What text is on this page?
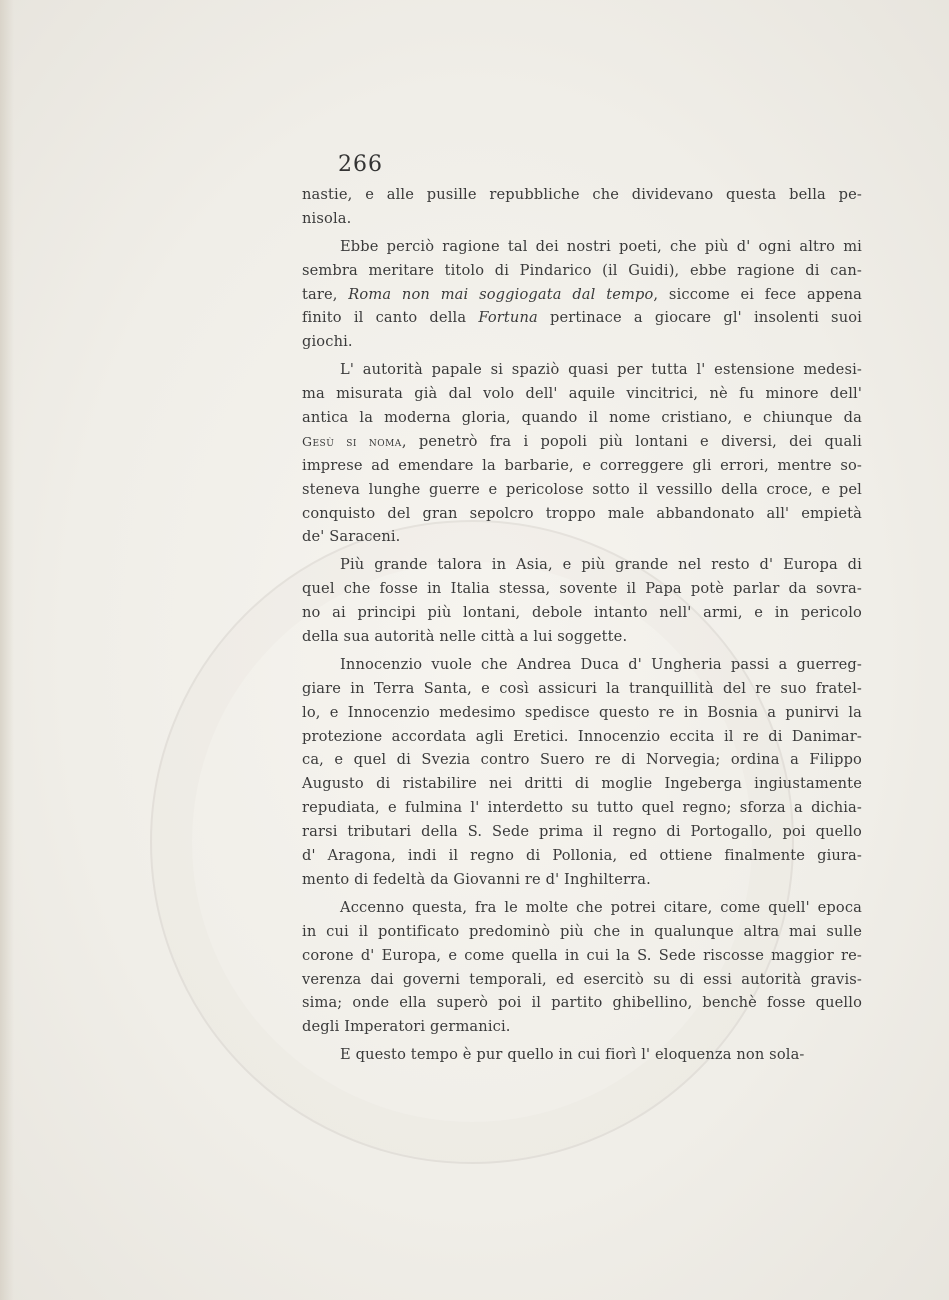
266
nastie, e alle pusille repubbliche che dividevano questa bella pe-
nisola.
Ebbe perciò ragione tal dei nostri poeti, che più d' ogni altro mi
sembra meritare titolo di Pindarico (il Guidi), ebbe ragione di can-
tare, Roma non mai soggiogata dal tempo, siccome ei fece appena
finito il canto della Fortuna pertinace a giocare gl' insolenti suoi
giochi.
L' autorità papale si spaziò quasi per tutta l' estensione medesi-
ma misurata già dal volo dell' aquile vincitrici, nè fu minore dell'
antica la moderna gloria, quando il nome cristiano, e chiunque da
Gesù si noma, penetrò fra i popoli più lontani e diversi, dei quali
imprese ad emendare la barbarie, e correggere gli errori, mentre so-
steneva lunghe guerre e pericolose sotto il vessillo della croce, e pel
conquisto del gran sepolcro troppo male abbandonato all' empietà
de' Saraceni.
Più grande talora in Asia, e più grande nel resto d' Europa di
quel che fosse in Italia stessa, sovente il Papa potè parlar da sovra-
no ai principi più lontani, debole intanto nell' armi, e in pericolo
della sua autorità nelle città a lui soggette.
Innocenzio vuole che Andrea Duca d' Ungheria passi a guerreg-
giare in Terra Santa, e così assicuri la tranquillità del re suo fratel-
lo, e Innocenzio medesimo spedisce questo re in Bosnia a punirvi la
protezione accordata agli Eretici. Innocenzio eccita il re di Danimar-
ca, e quel di Svezia contro Suero re di Norvegia; ordina a Filippo
Augusto di ristabilire nei dritti di moglie Ingeberga ingiustamente
repudiata, e fulmina l' interdetto su tutto quel regno; sforza a dichia-
rarsi tributari della S. Sede prima il regno di Portogallo, poi quello
d' Aragona, indi il regno di Pollonia, ed ottiene finalmente giura-
mento di fedeltà da Giovanni re d' Inghilterra.
Accenno questa, fra le molte che potrei citare, come quell' epoca
in cui il pontificato predominò più che in qualunque altra mai sulle
corone d' Europa, e come quella in cui la S. Sede riscosse maggior re-
verenza dai governi temporali, ed esercitò su di essi autorità gravis-
sima; onde ella superò poi il partito ghibellino, benchè fosse quello
degli Imperatori germanici.
E questo tempo è pur quello in cui fiorì l' eloquenza non sola-
